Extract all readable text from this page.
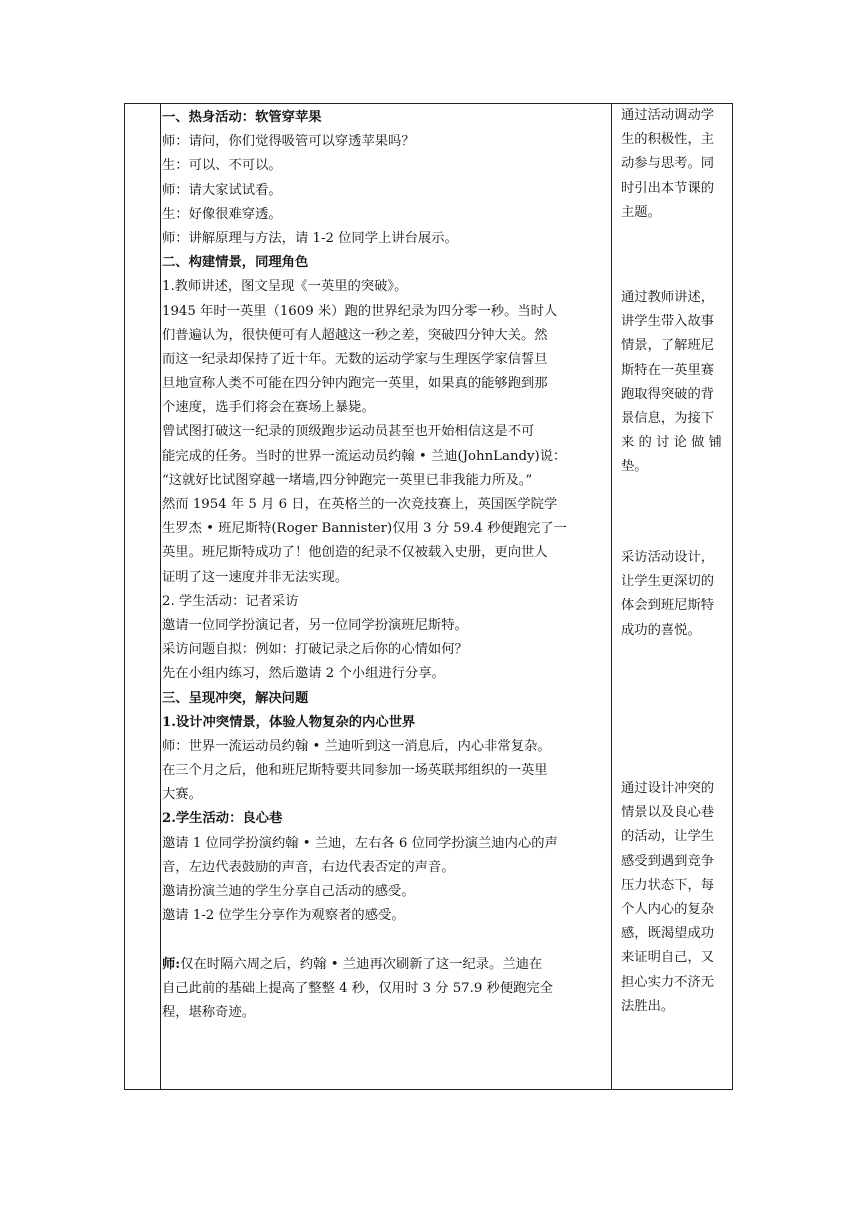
一、热身活动：软管穿苹果
师：请问，你们觉得吸管可以穿透苹果吗？
生：可以、不可以。
师：请大家试试看。
生：好像很难穿透。
师：讲解原理与方法，请 1-2 位同学上讲台展示。
二、构建情景，同理角色
1.教师讲述，图文呈现《一英里的突破》。
1945 年时一英里（1609 米）跑的世界纪录为四分零一秒。当时人
们普遍认为，很快便可有人超越这一秒之差，突破四分钟大关。然
而这一纪录却保持了近十年。无数的运动学家与生理医学家信誓旦
旦地宣称人类不可能在四分钟内跑完一英里，如果真的能够跑到那
个速度，选手们将会在赛场上暴毙。
曾试图打破这一纪录的顶级跑步运动员甚至也开始相信这是不可
能完成的任务。当时的世界一流运动员约翰 • 兰迪(JohnLandy)说：
“这就好比试图穿越一堵墙,四分钟跑完一英里已非我能力所及。”
然而 1954 年 5 月 6 日，在英格兰的一次竞技赛上，英国医学院学
生罗杰 • 班尼斯特(Roger Bannister)仅用 3 分 59.4 秒便跑完了一
英里。班尼斯特成功了！他创造的纪录不仅被载入史册，更向世人
证明了这一速度并非无法实现。
2. 学生活动：记者采访
邀请一位同学扮演记者，另一位同学扮演班尼斯特。
采访问题自拟：例如：打破记录之后你的心情如何？
先在小组内练习，然后邀请 2 个小组进行分享。
三、呈现冲突，解决问题
1.设计冲突情景，体验人物复杂的内心世界
师：世界一流运动员约翰 • 兰迪听到这一消息后，内心非常复杂。
在三个月之后，他和班尼斯特要共同参加一场英联邦组织的一英里
大赛。
2.学生活动：良心巷
邀请 1 位同学扮演约翰 • 兰迪，左右各 6 位同学扮演兰迪内心的声
音，左边代表鼓励的声音，右边代表否定的声音。
邀请扮演兰迪的学生分享自己活动的感受。
邀请 1-2 位学生分享作为观察者的感受。
师:仅在时隔六周之后，约翰 • 兰迪再次刷新了这一纪录。兰迪在
自己此前的基础上提高了整整 4 秒，仅用时 3 分 57.9 秒便跑完全
程，堪称奇迹。
通过活动调动学
生的积极性，主
动参与思考。同
时引出本节课的
主题。
通过教师讲述，
讲学生带入故事
情景，了解班尼
斯特在一英里赛
跑取得突破的背
景信息，为接下
来 的 讨 论 做 铺
垫。
采访活动设计，
让学生更深切的
体会到班尼斯特
成功的喜悦。
通过设计冲突的
情景以及良心巷
的活动，让学生
感受到遇到竞争
压力状态下，每
个人内心的复杂
感，既渴望成功
来证明自己，又
担心实力不济无
法胜出。
